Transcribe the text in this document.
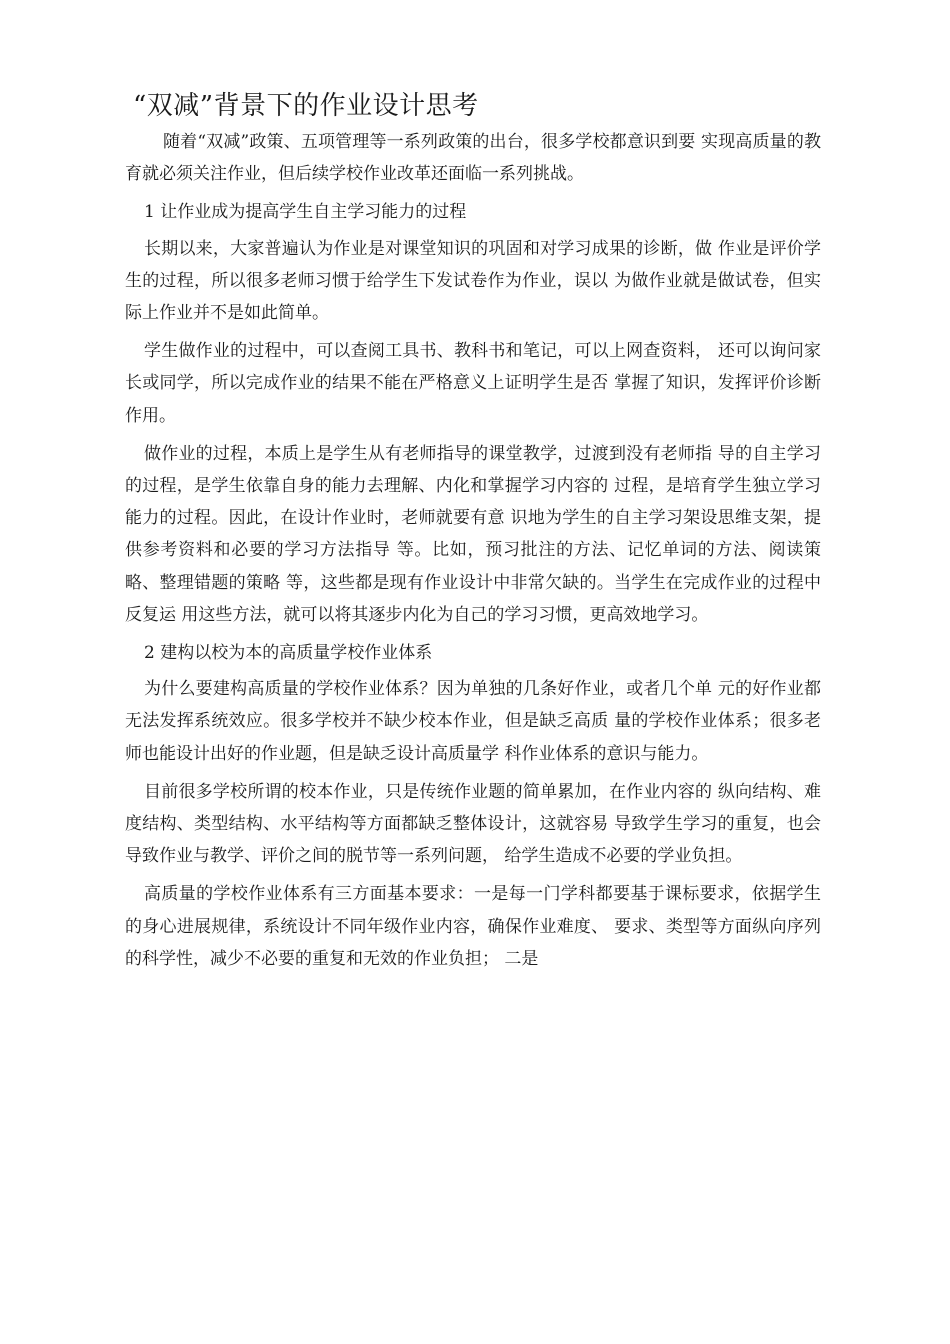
“双减”背景下的作业设计思考

随着“双减”政策、五项管理等一系列政策的出台，很多学校都意识到要 实现高质量的教育就必须关注作业，但后续学校作业改革还面临一系列挑战。

1 让作业成为提高学生自主学习能力的过程

长期以来，大家普遍认为作业是对课堂知识的巩固和对学习成果的诊断，做 作业是评价学生的过程，所以很多老师习惯于给学生下发试卷作为作业，误以 为做作业就是做试卷，但实际上作业并不是如此简单。

学生做作业的过程中，可以查阅工具书、教科书和笔记，可以上网查资料， 还可以询问家长或同学，所以完成作业的结果不能在严格意义上证明学生是否 掌握了知识，发挥评价诊断作用。

做作业的过程，本质上是学生从有老师指导的课堂教学，过渡到没有老师指 导的自主学习的过程，是学生依靠自身的能力去理解、内化和掌握学习内容的 过程，是培育学生独立学习能力的过程。因此，在设计作业时，老师就要有意 识地为学生的自主学习架设思维支架，提供参考资料和必要的学习方法指导 等。比如，预习批注的方法、记忆单词的方法、阅读策略、整理错题的策略 等，这些都是现有作业设计中非常欠缺的。当学生在完成作业的过程中反复运 用这些方法，就可以将其逐步内化为自己的学习习惯，更高效地学习。

2 建构以校为本的高质量学校作业体系

为什么要建构高质量的学校作业体系？因为单独的几条好作业，或者几个单 元的好作业都无法发挥系统效应。很多学校并不缺少校本作业，但是缺乏高质 量的学校作业体系；很多老师也能设计出好的作业题，但是缺乏设计高质量学 科作业体系的意识与能力。

目前很多学校所谓的校本作业，只是传统作业题的简单累加，在作业内容的 纵向结构、难度结构、类型结构、水平结构等方面都缺乏整体设计，这就容易 导致学生学习的重复，也会导致作业与教学、评价之间的脱节等一系列问题， 给学生造成不必要的学业负担。

高质量的学校作业体系有三方面基本要求：一是每一门学科都要基于课标要求，依据学生的身心进展规律，系统设计不同年级作业内容，确保作业难度、 要求、类型等方面纵向序列的科学性，减少不必要的重复和无效的作业负担； 二是
